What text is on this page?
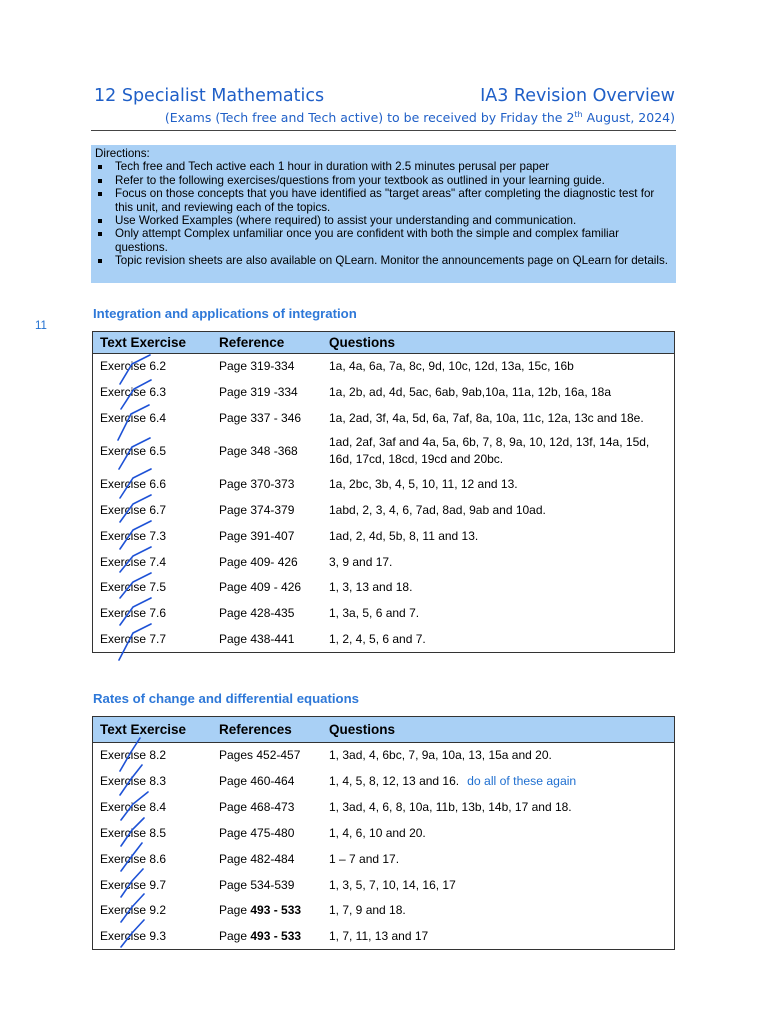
12 Specialist Mathematics	IA3 Revision Overview
(Exams (Tech free and Tech active) to be received by Friday the 2th August, 2024)
Directions:
Tech free and Tech active each 1 hour in duration with 2.5 minutes perusal per paper
Refer to the following exercises/questions from your textbook as outlined in your learning guide.
Focus on those concepts that you have identified as "target areas" after completing the diagnostic test for this unit, and reviewing each of the topics.
Use Worked Examples (where required) to assist your understanding and communication.
Only attempt Complex unfamiliar once you are confident with both the simple and complex familiar questions.
Topic revision sheets are also available on QLearn. Monitor the announcements page on QLearn for details.
11
Integration and applications of integration
Text Exercise	Reference	Questions
Exercise 6.2	Page 319-334	1a, 4a, 6a, 7a, 8c, 9d, 10c, 12d, 13a, 15c, 16b
Exercise 6.3	Page 319 -334	1a, 2b, ad, 4d, 5ac, 6ab, 9ab,10a, 11a, 12b, 16a, 18a
Exercise 6.4	Page 337 - 346	1a, 2ad, 3f, 4a, 5d, 6a, 7af, 8a, 10a, 11c, 12a, 13c and 18e.
Exercise 6.5	Page 348 -368	1ad, 2af, 3af and 4a, 5a, 6b, 7, 8, 9a, 10, 12d, 13f, 14a, 15d, 16d, 17cd, 18cd, 19cd and 20bc.
Exercise 6.6	Page 370-373	1a, 2bc, 3b, 4, 5, 10, 11, 12 and 13.
Exercise 6.7	Page 374-379	1abd, 2, 3, 4, 6, 7ad, 8ad, 9ab and 10ad.
Exercise 7.3	Page 391-407	1ad, 2, 4d, 5b, 8, 11 and 13.
Exercise 7.4	Page 409- 426	3, 9 and 17.
Exercise 7.5	Page 409 - 426	1, 3, 13 and 18.
Exercise 7.6	Page 428-435	1, 3a, 5, 6 and 7.
Exercise 7.7	Page 438-441	1, 2, 4, 5, 6 and 7.
Rates of change and differential equations
Text Exercise	References	Questions
Exercise 8.2	Pages 452-457	1, 3ad, 4, 6bc, 7, 9a, 10a, 13, 15a and 20.
Exercise 8.3	Page 460-464	1, 4, 5, 8, 12, 13 and 16. do all of these again
Exercise 8.4	Page 468-473	1, 3ad, 4, 6, 8, 10a, 11b, 13b, 14b, 17 and 18.
Exercise 8.5	Page 475-480	1, 4, 6, 10 and 20.
Exercise 8.6	Page 482-484	1 – 7 and 17.
Exercise 9.7	Page 534-539	1, 3, 5, 7, 10, 14, 16, 17
Exercise 9.2	Page 493 - 533	1, 7, 9 and 18.
Exercise 9.3	Page 493 - 533	1, 7, 11, 13 and 17
